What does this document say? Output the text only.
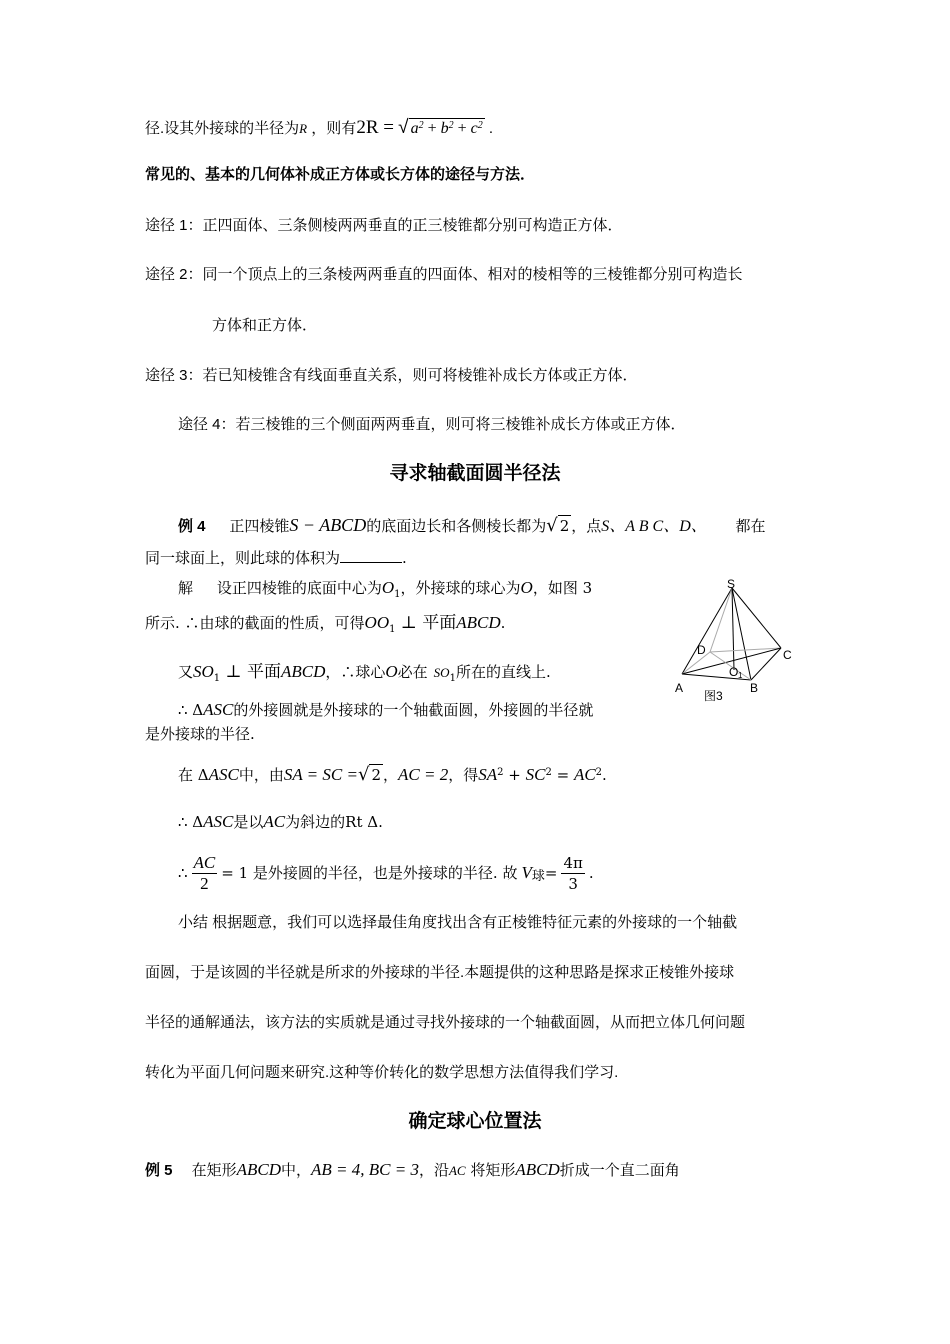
径.设其外接球的半径为R ，则有2R = √ $a^2 + b^2 + c^2$ .
常见的、基本的几何体补成正方体或长方体的途径与方法．
途径 1：正四面体、三条侧棱两两垂直的正三棱锥都分别可构造正方体．
途径 2：同一个顶点上的三条棱两两垂直的四面体、相对的棱相等的三棱锥都分别可构造长
方体和正方体．
途径 3：若已知棱锥含有线面垂直关系，则可将棱锥补成长方体或正方体．
途径 4：若三棱锥的三个侧面两两垂直，则可将三棱锥补成长方体或正方体．
寻求轴截面圆半径法
例 4 正四棱锥S − ABCD的底面边长和各侧棱长都为√ 2 ，点S、A B C、D、 都在
同一球面上，则此球的体积为	.
解 设正四棱锥的底面中心为$O_1$，外接球的球心为O，如图 3
所示. ∴由球的截面的性质，可得$OO_1$ ⊥ 平面ABCD.
又$SO_1$ ⊥ 平面ABCD，∴球心O必在 $SO_1$所在的直线上.
∴ ΔASC的外接圆就是外接球的一个轴截面圆，外接圆的半径就
是外接球的半径.
在 ΔASC中，由SA = SC =√ 2 ，AC = 2，得$SA^2 + SC^2 = AC^2$.
∴ ΔASC是以AC为斜边的Rt Δ.
∴ $\frac{AC}{2} = 1$ 是外接圆的半径，也是外接球的半径. 故 V 球 = $\frac{4\pi}{3}$ .
S
D	C
O 1
A	B
图3
小结 根据题意，我们可以选择最佳角度找出含有正棱锥特征元素的外接球的一个轴截
面圆，于是该圆的半径就是所求的外接球的半径.本题提供的这种思路是探求正棱锥外接球
半径的通解通法，该方法的实质就是通过寻找外接球的一个轴截面圆，从而把立体几何问题
转化为平面几何问题来研究.这种等价转化的数学思想方法值得我们学习.
确定球心位置法
例 5 在矩形ABCD中，AB = 4, BC = 3，沿AC 将矩形ABCD折成一个直二面角
